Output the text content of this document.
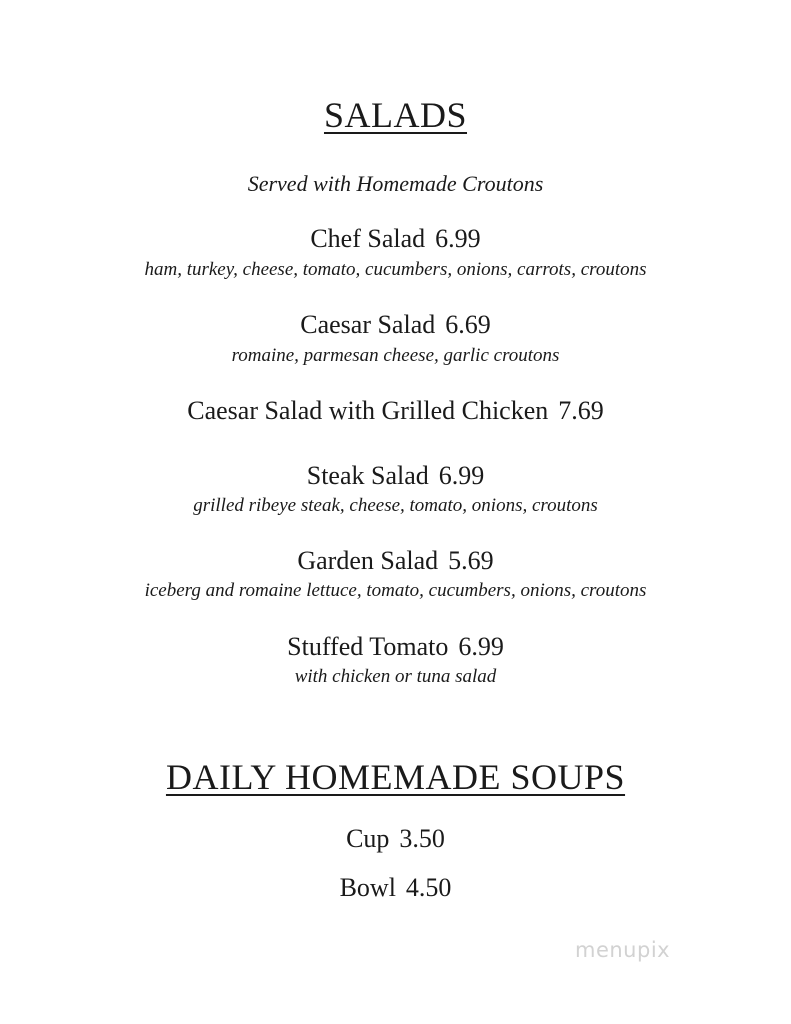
SALADS
Served with Homemade Croutons
Chef Salad 6.99
ham, turkey, cheese, tomato, cucumbers, onions, carrots, croutons
Caesar Salad 6.69
romaine, parmesan cheese, garlic croutons
Caesar Salad with Grilled Chicken 7.69
Steak Salad 6.99
grilled ribeye steak, cheese, tomato, onions, croutons
Garden Salad 5.69
iceberg and romaine lettuce, tomato, cucumbers, onions, croutons
Stuffed Tomato 6.99
with chicken or tuna salad
DAILY HOMEMADE SOUPS
Cup 3.50
Bowl 4.50
menupix
